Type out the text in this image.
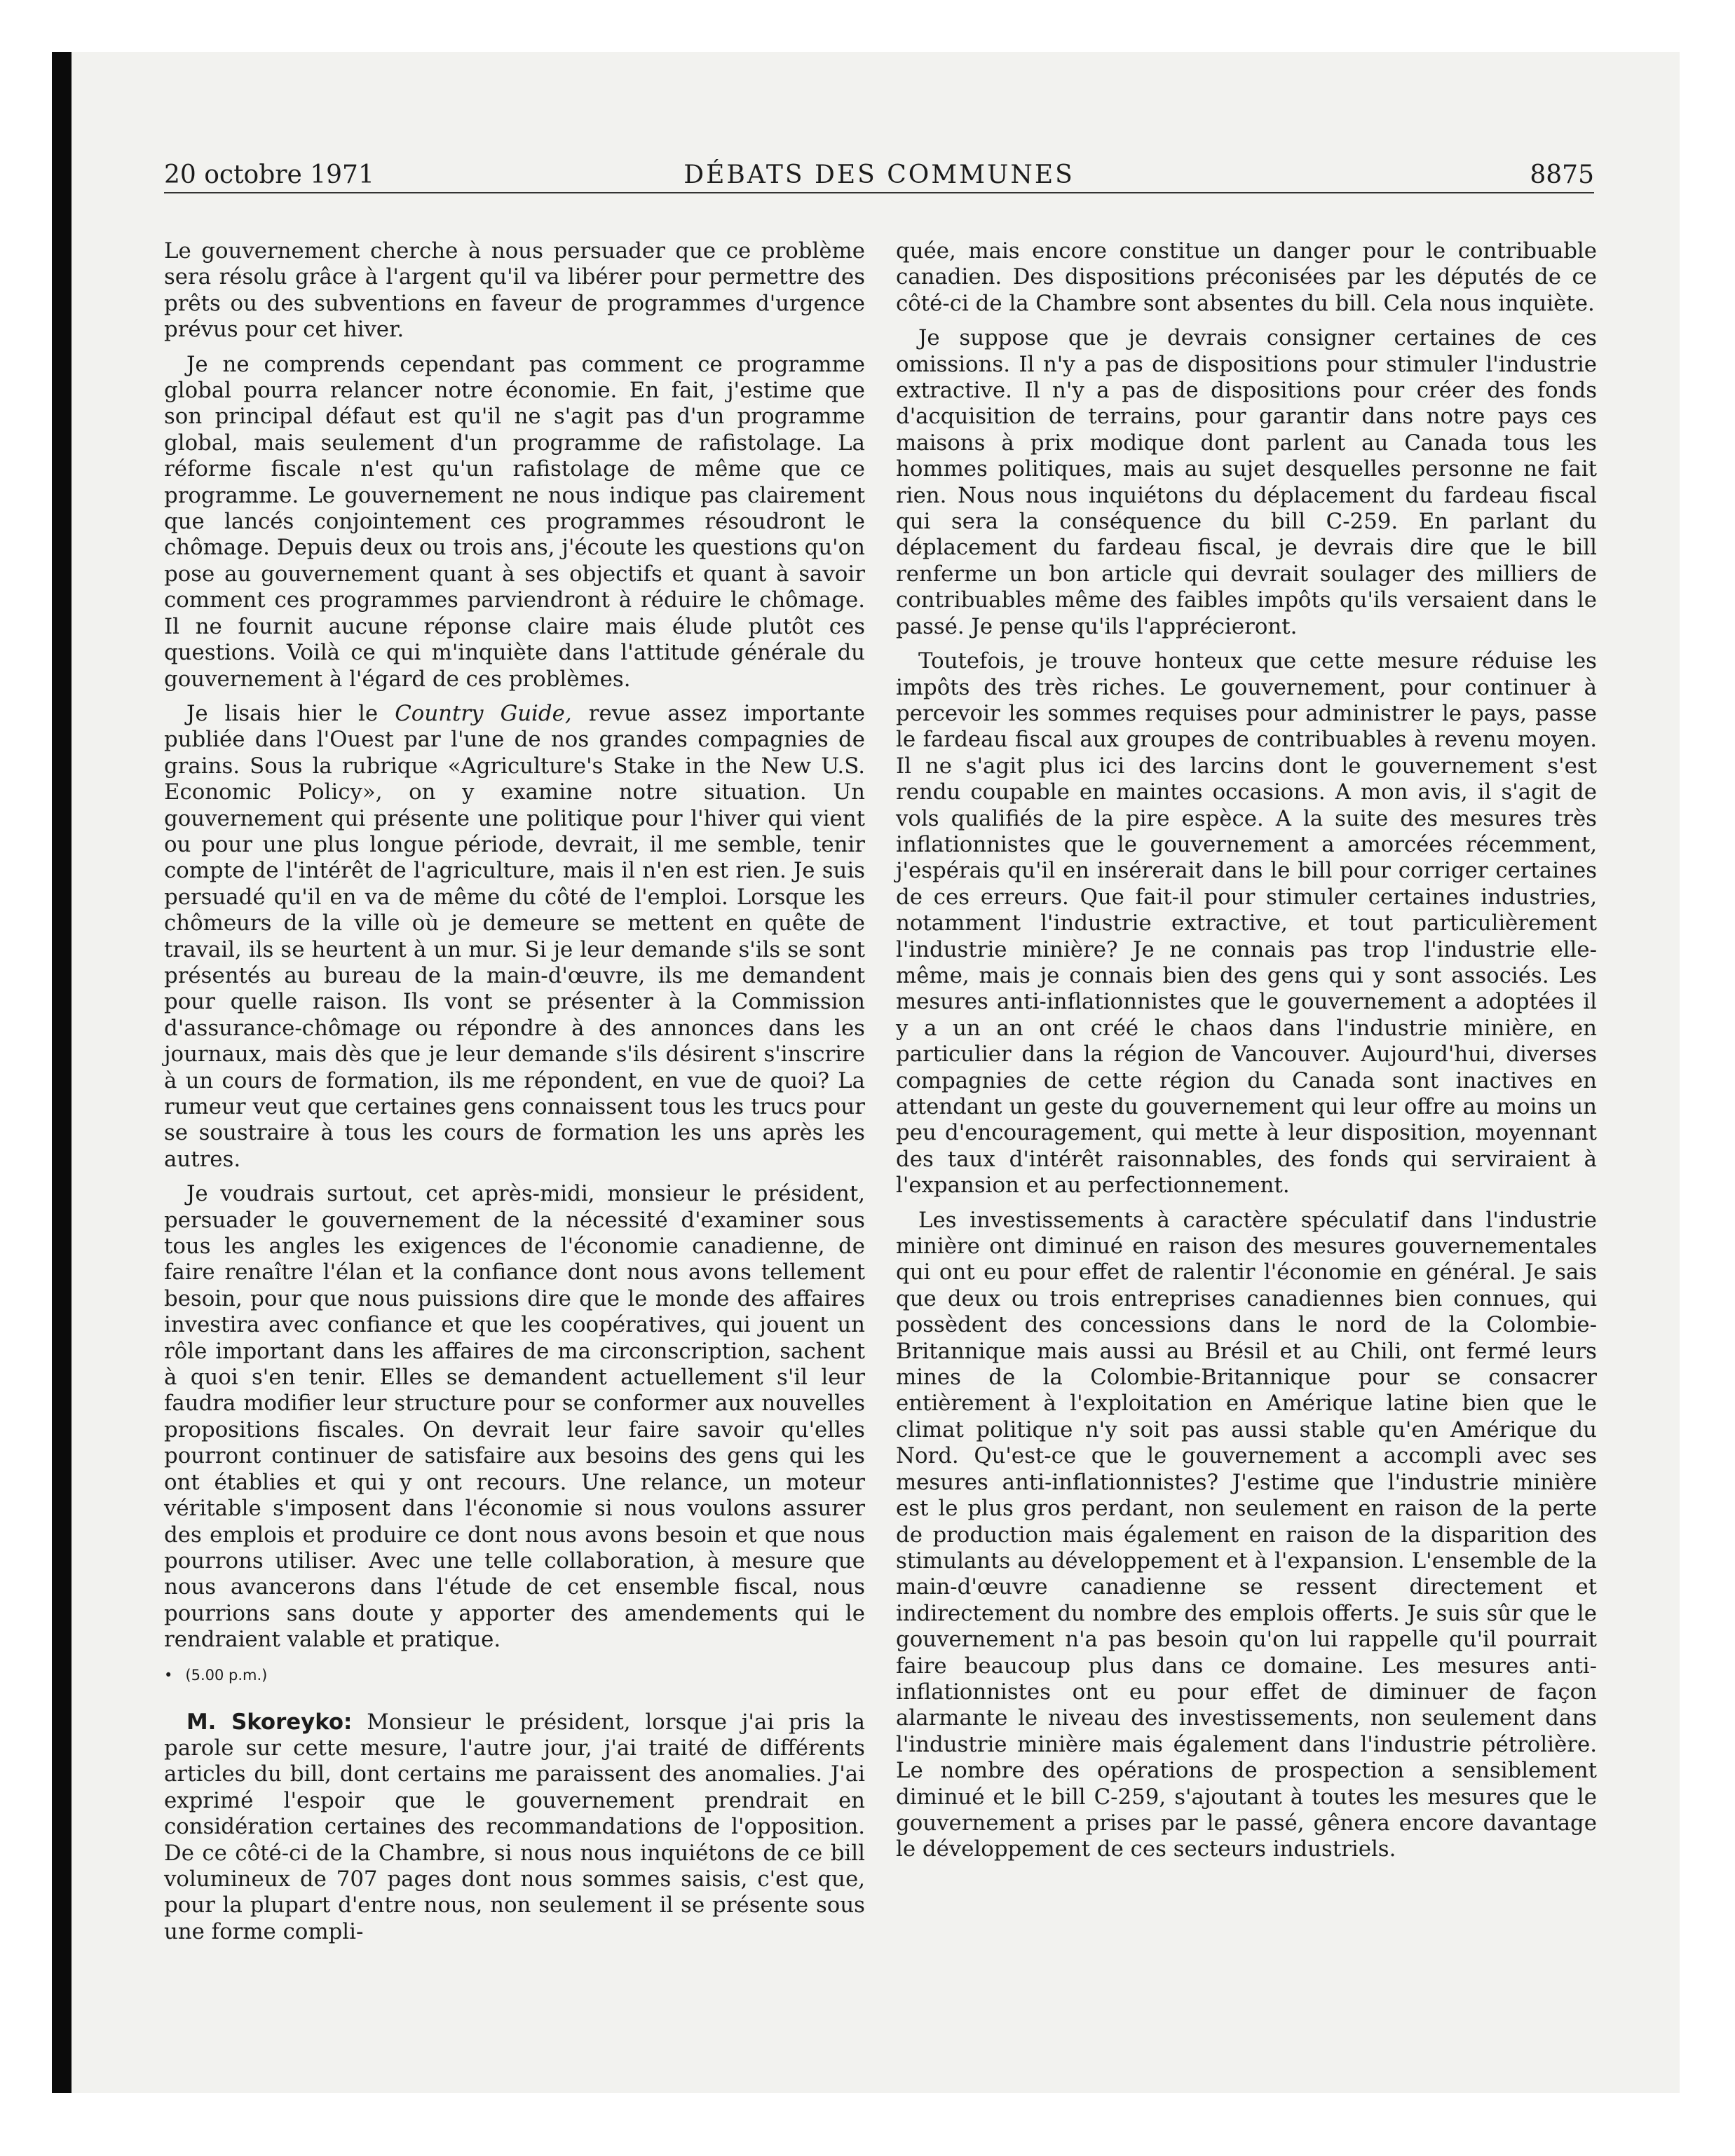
20 octobre 1971	DÉBATS DES COMMUNES	8875

Le gouvernement cherche à nous persuader que ce problème sera résolu grâce à l'argent qu'il va libérer pour permettre des prêts ou des subventions en faveur de programmes d'urgence prévus pour cet hiver.

Je ne comprends cependant pas comment ce programme global pourra relancer notre économie. En fait, j'estime que son principal défaut est qu'il ne s'agit pas d'un programme global, mais seulement d'un programme de rafistolage. La réforme fiscale n'est qu'un rafistolage de même que ce programme. Le gouvernement ne nous indique pas clairement que lancés conjointement ces programmes résoudront le chômage. Depuis deux ou trois ans, j'écoute les questions qu'on pose au gouvernement quant à ses objectifs et quant à savoir comment ces programmes parviendront à réduire le chômage. Il ne fournit aucune réponse claire mais élude plutôt ces questions. Voilà ce qui m'inquiète dans l'attitude générale du gouvernement à l'égard de ces problèmes.

Je lisais hier le Country Guide, revue assez importante publiée dans l'Ouest par l'une de nos grandes compagnies de grains. Sous la rubrique «Agriculture's Stake in the New U.S. Economic Policy», on y examine notre situation. Un gouvernement qui présente une politique pour l'hiver qui vient ou pour une plus longue période, devrait, il me semble, tenir compte de l'intérêt de l'agriculture, mais il n'en est rien. Je suis persuadé qu'il en va de même du côté de l'emploi. Lorsque les chômeurs de la ville où je demeure se mettent en quête de travail, ils se heurtent à un mur. Si je leur demande s'ils se sont présentés au bureau de la main-d'œuvre, ils me demandent pour quelle raison. Ils vont se présenter à la Commission d'assurance-chômage ou répondre à des annonces dans les journaux, mais dès que je leur demande s'ils désirent s'inscrire à un cours de formation, ils me répondent, en vue de quoi? La rumeur veut que certaines gens connaissent tous les trucs pour se soustraire à tous les cours de formation les uns après les autres.

Je voudrais surtout, cet après-midi, monsieur le président, persuader le gouvernement de la nécessité d'examiner sous tous les angles les exigences de l'économie canadienne, de faire renaître l'élan et la confiance dont nous avons tellement besoin, pour que nous puissions dire que le monde des affaires investira avec confiance et que les coopératives, qui jouent un rôle important dans les affaires de ma circonscription, sachent à quoi s'en tenir. Elles se demandent actuellement s'il leur faudra modifier leur structure pour se conformer aux nouvelles propositions fiscales. On devrait leur faire savoir qu'elles pourront continuer de satisfaire aux besoins des gens qui les ont établies et qui y ont recours. Une relance, un moteur véritable s'imposent dans l'économie si nous voulons assurer des emplois et produire ce dont nous avons besoin et que nous pourrons utiliser. Avec une telle collaboration, à mesure que nous avancerons dans l'étude de cet ensemble fiscal, nous pourrions sans doute y apporter des amendements qui le rendraient valable et pratique.

• (5.00 p.m.)

M. Skoreyko: Monsieur le président, lorsque j'ai pris la parole sur cette mesure, l'autre jour, j'ai traité de différents articles du bill, dont certains me paraissent des anomalies. J'ai exprimé l'espoir que le gouvernement prendrait en considération certaines des recommandations de l'opposition. De ce côté-ci de la Chambre, si nous nous inquiétons de ce bill volumineux de 707 pages dont nous sommes saisis, c'est que, pour la plupart d'entre nous, non seulement il se présente sous une forme compli-

quée, mais encore constitue un danger pour le contribuable canadien. Des dispositions préconisées par les députés de ce côté-ci de la Chambre sont absentes du bill. Cela nous inquiète.

Je suppose que je devrais consigner certaines de ces omissions. Il n'y a pas de dispositions pour stimuler l'industrie extractive. Il n'y a pas de dispositions pour créer des fonds d'acquisition de terrains, pour garantir dans notre pays ces maisons à prix modique dont parlent au Canada tous les hommes politiques, mais au sujet desquelles personne ne fait rien. Nous nous inquiétons du déplacement du fardeau fiscal qui sera la conséquence du bill C-259. En parlant du déplacement du fardeau fiscal, je devrais dire que le bill renferme un bon article qui devrait soulager des milliers de contribuables même des faibles impôts qu'ils versaient dans le passé. Je pense qu'ils l'apprécieront.

Toutefois, je trouve honteux que cette mesure réduise les impôts des très riches. Le gouvernement, pour continuer à percevoir les sommes requises pour administrer le pays, passe le fardeau fiscal aux groupes de contribuables à revenu moyen. Il ne s'agit plus ici des larcins dont le gouvernement s'est rendu coupable en maintes occasions. A mon avis, il s'agit de vols qualifiés de la pire espèce. A la suite des mesures très inflationnistes que le gouvernement a amorcées récemment, j'espérais qu'il en insérerait dans le bill pour corriger certaines de ces erreurs. Que fait-il pour stimuler certaines industries, notamment l'industrie extractive, et tout particulièrement l'industrie minière? Je ne connais pas trop l'industrie elle-même, mais je connais bien des gens qui y sont associés. Les mesures anti-inflationnistes que le gouvernement a adoptées il y a un an ont créé le chaos dans l'industrie minière, en particulier dans la région de Vancouver. Aujourd'hui, diverses compagnies de cette région du Canada sont inactives en attendant un geste du gouvernement qui leur offre au moins un peu d'encouragement, qui mette à leur disposition, moyennant des taux d'intérêt raisonnables, des fonds qui serviraient à l'expansion et au perfectionnement.

Les investissements à caractère spéculatif dans l'industrie minière ont diminué en raison des mesures gouvernementales qui ont eu pour effet de ralentir l'économie en général. Je sais que deux ou trois entreprises canadiennes bien connues, qui possèdent des concessions dans le nord de la Colombie-Britannique mais aussi au Brésil et au Chili, ont fermé leurs mines de la Colombie-Britannique pour se consacrer entièrement à l'exploitation en Amérique latine bien que le climat politique n'y soit pas aussi stable qu'en Amérique du Nord. Qu'est-ce que le gouvernement a accompli avec ses mesures anti-inflationnistes? J'estime que l'industrie minière est le plus gros perdant, non seulement en raison de la perte de production mais également en raison de la disparition des stimulants au développement et à l'expansion. L'ensemble de la main-d'œuvre canadienne se ressent directement et indirectement du nombre des emplois offerts. Je suis sûr que le gouvernement n'a pas besoin qu'on lui rappelle qu'il pourrait faire beaucoup plus dans ce domaine. Les mesures anti-inflationnistes ont eu pour effet de diminuer de façon alarmante le niveau des investissements, non seulement dans l'industrie minière mais également dans l'industrie pétrolière. Le nombre des opérations de prospection a sensiblement diminué et le bill C-259, s'ajoutant à toutes les mesures que le gouvernement a prises par le passé, gênera encore davantage le développement de ces secteurs industriels.
